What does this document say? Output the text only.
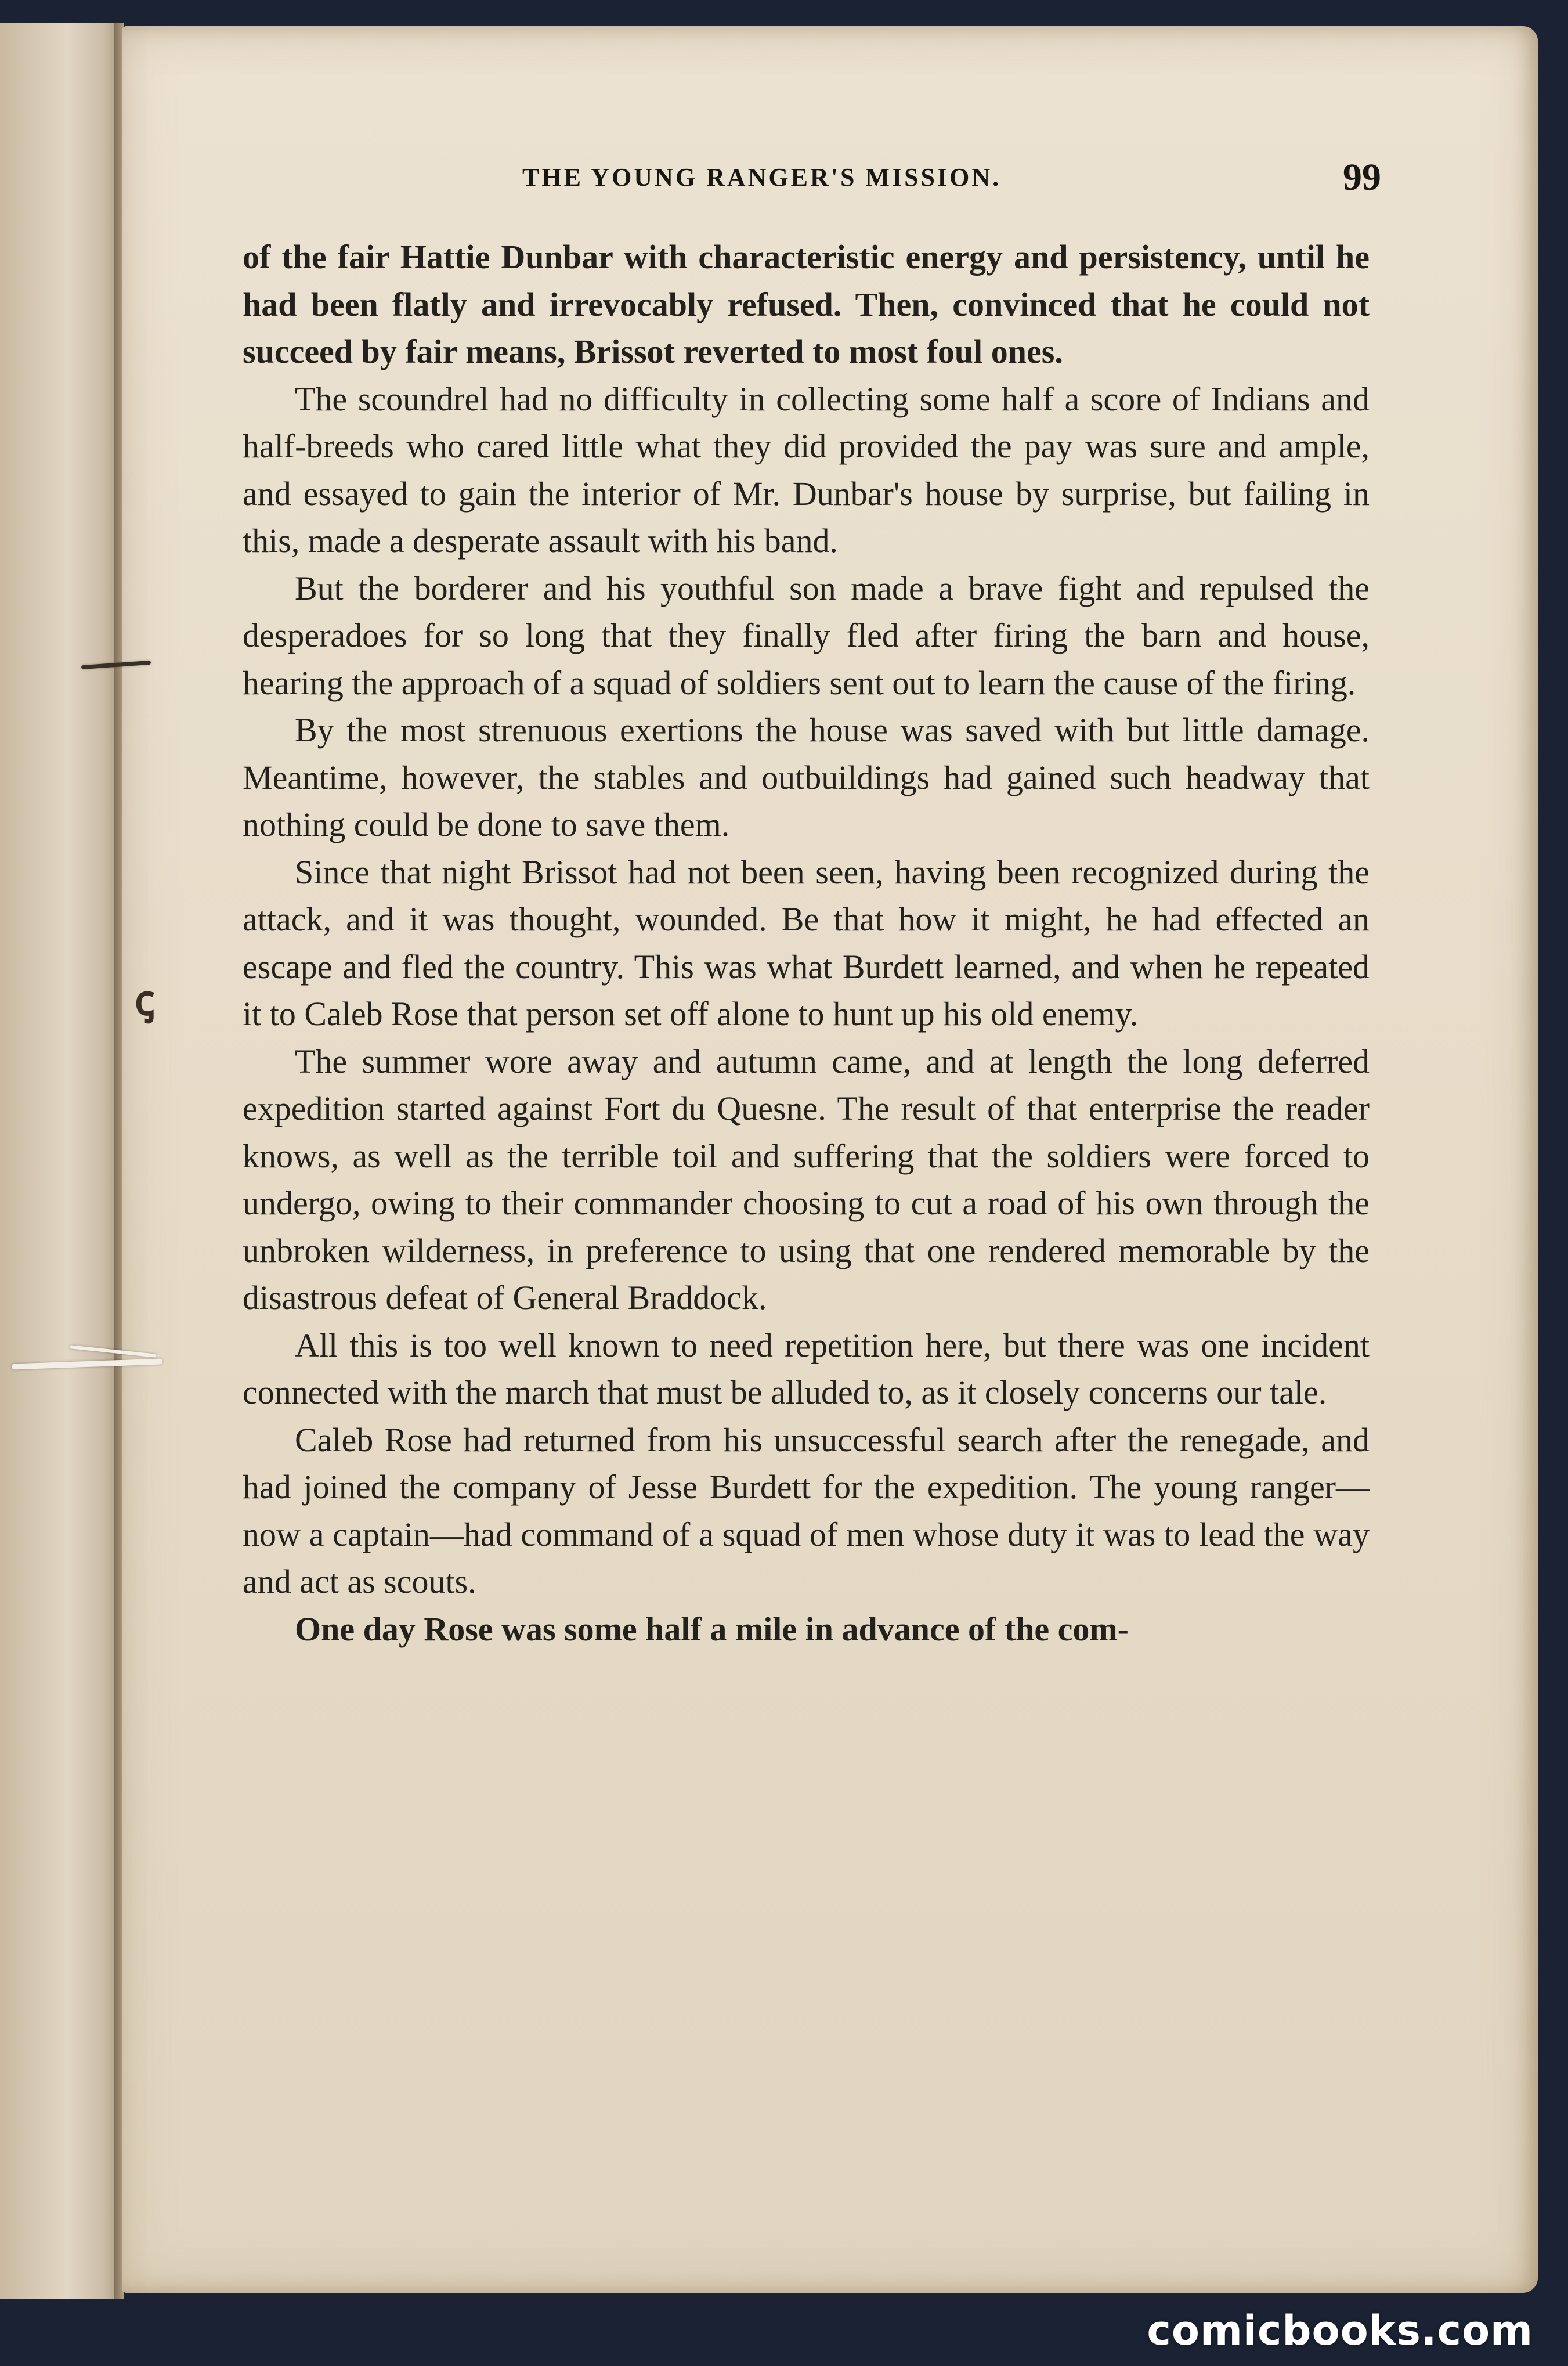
ꞔ
THE YOUNG RANGER'S MISSION.	99

of the fair Hattie Dunbar with characteristic energy and persistency, until he had been flatly and irrevocably refused. Then, convinced that he could not succeed by fair means, Brissot reverted to most foul ones.

The scoundrel had no difficulty in collecting some half a score of Indians and half-breeds who cared little what they did provided the pay was sure and ample, and essayed to gain the interior of Mr. Dunbar's house by surprise, but failing in this, made a desperate assault with his band.

But the borderer and his youthful son made a brave fight and repulsed the desperadoes for so long that they finally fled after firing the barn and house, hearing the approach of a squad of soldiers sent out to learn the cause of the firing.

By the most strenuous exertions the house was saved with but little damage. Meantime, however, the stables and outbuildings had gained such headway that nothing could be done to save them.

Since that night Brissot had not been seen, having been recognized during the attack, and it was thought, wounded. Be that how it might, he had effected an escape and fled the country. This was what Burdett learned, and when he repeated it to Caleb Rose that person set off alone to hunt up his old enemy.

The summer wore away and autumn came, and at length the long deferred expedition started against Fort du Quesne. The result of that enterprise the reader knows, as well as the terrible toil and suffering that the soldiers were forced to undergo, owing to their commander choosing to cut a road of his own through the unbroken wilderness, in preference to using that one rendered memorable by the disastrous defeat of General Braddock.

All this is too well known to need repetition here, but there was one incident connected with the march that must be alluded to, as it closely concerns our tale.

Caleb Rose had returned from his unsuccessful search after the renegade, and had joined the company of Jesse Burdett for the expedition. The young ranger—now a captain—had command of a squad of men whose duty it was to lead the way and act as scouts.

One day Rose was some half a mile in advance of the com-

comicbooks.com
